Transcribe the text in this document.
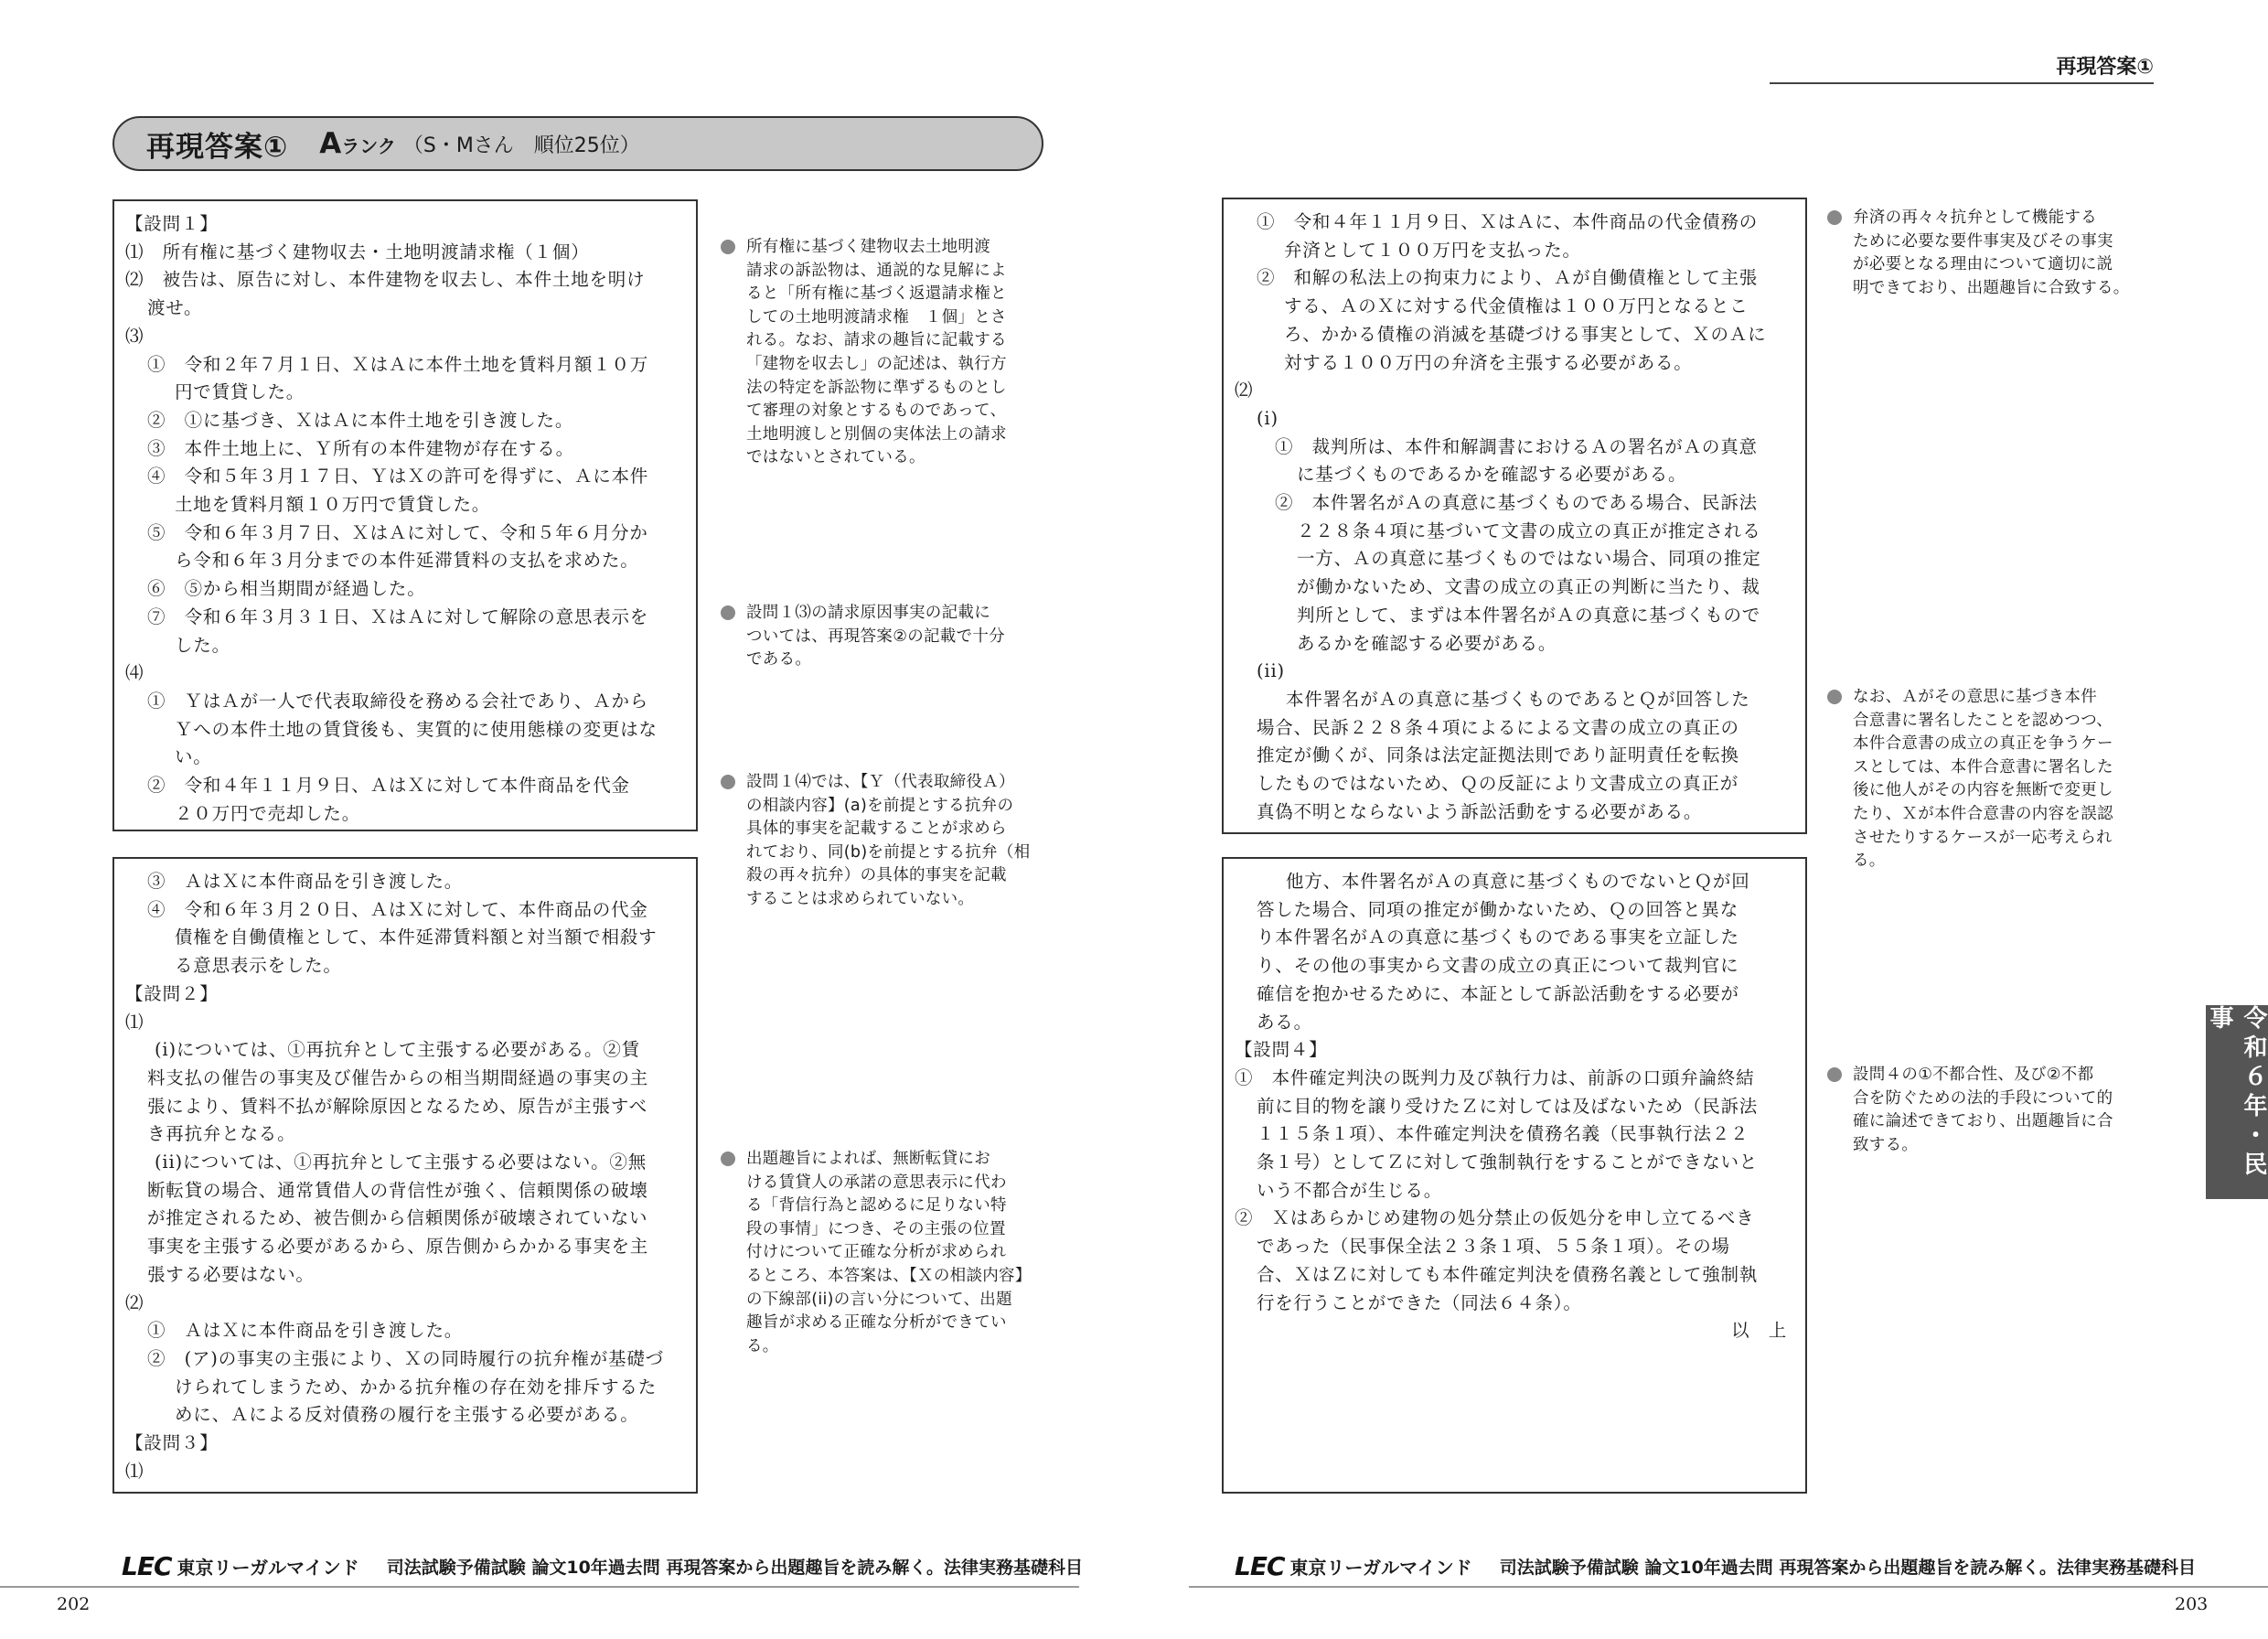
再現答案①
再現答案① Aランク （S・Mさん　順位25位）

【設問１】

⑴　所有権に基づく建物収去・土地明渡請求権（１個）

⑵　被告は、原告に対し、本件建物を収去し、本件土地を明け

渡せ。

⑶

①　令和２年７月１日、ＸはＡに本件土地を賃料月額１０万

円で賃貸した。

②　①に基づき、ＸはＡに本件土地を引き渡した。

③　本件土地上に、Ｙ所有の本件建物が存在する。

④　令和５年３月１７日、ＹはＸの許可を得ずに、Ａに本件

土地を賃料月額１０万円で賃貸した。

⑤　令和６年３月７日、ＸはＡに対して、令和５年６月分か

ら令和６年３月分までの本件延滞賃料の支払を求めた。

⑥　⑤から相当期間が経過した。

⑦　令和６年３月３１日、ＸはＡに対して解除の意思表示を

した。

⑷

①　ＹはＡが一人で代表取締役を務める会社であり、Ａから

Ｙへの本件土地の賃貸後も、実質的に使用態様の変更はな

い。

②　令和４年１１月９日、ＡはＸに対して本件商品を代金

２０万円で売却した。

③　ＡはＸに本件商品を引き渡した。

④　令和６年３月２０日、ＡはＸに対して、本件商品の代金

債権を自働債権として、本件延滞賃料額と対当額で相殺す

る意思表示をした。

【設問２】

⑴

(i)については、①再抗弁として主張する必要がある。②賃

料支払の催告の事実及び催告からの相当期間経過の事実の主

張により、賃料不払が解除原因となるため、原告が主張すべ

き再抗弁となる。

(ii)については、①再抗弁として主張する必要はない。②無

断転貸の場合、通常賃借人の背信性が強く、信頼関係の破壊

が推定されるため、被告側から信頼関係が破壊されていない

事実を主張する必要があるから、原告側からかかる事実を主

張する必要はない。

⑵

①　ＡはＸに本件商品を引き渡した。

②　(ア)の事実の主張により、Ｘの同時履行の抗弁権が基礎づ

けられてしまうため、かかる抗弁権の存在効を排斥するた

めに、Ａによる反対債務の履行を主張する必要がある。

【設問３】

⑴

所有権に基づく建物収去土地明渡

請求の訴訟物は、通説的な見解によ

ると「所有権に基づく返還請求権と

しての土地明渡請求権　１個」とさ

れる。なお、請求の趣旨に記載する

「建物を収去し」の記述は、執行方

法の特定を訴訟物に準ずるものとし

て審理の対象とするものであって、

土地明渡しと別個の実体法上の請求

ではないとされている。

設問１⑶の請求原因事実の記載に

ついては、再現答案②の記載で十分

である。

設問１⑷では、【Ｙ（代表取締役Ａ）

の相談内容】(a)を前提とする抗弁の

具体的事実を記載することが求めら

れており、同(b)を前提とする抗弁（相

殺の再々抗弁）の具体的事実を記載

することは求められていない。

出題趣旨によれば、無断転貸にお

ける賃貸人の承諾の意思表示に代わ

る「背信行為と認めるに足りない特

段の事情」につき、その主張の位置

付けについて正確な分析が求められ

るところ、本答案は、【Ｘの相談内容】

の下線部(ii)の言い分について、出題

趣旨が求める正確な分析ができてい

る。

①　令和４年１１月９日、ＸはＡに、本件商品の代金債務の

弁済として１００万円を支払った。

②　和解の私法上の拘束力により、Ａが自働債権として主張

する、ＡのＸに対する代金債権は１００万円となるとこ

ろ、かかる債権の消滅を基礎づける事実として、ＸのＡに

対する１００万円の弁済を主張する必要がある。

⑵

(i)

①　裁判所は、本件和解調書におけるＡの署名がＡの真意

に基づくものであるかを確認する必要がある。

②　本件署名がＡの真意に基づくものである場合、民訴法

２２８条４項に基づいて文書の成立の真正が推定される

一方、Ａの真意に基づくものではない場合、同項の推定

が働かないため、文書の成立の真正の判断に当たり、裁

判所として、まずは本件署名がＡの真意に基づくもので

あるかを確認する必要がある。

(ii)

本件署名がＡの真意に基づくものであるとＱが回答した

場合、民訴２２８条４項によるによる文書の成立の真正の

推定が働くが、同条は法定証拠法則であり証明責任を転換

したものではないため、Ｑの反証により文書成立の真正が

真偽不明とならないよう訴訟活動をする必要がある。

他方、本件署名がＡの真意に基づくものでないとＱが回

答した場合、同項の推定が働かないため、Ｑの回答と異な

り本件署名がＡの真意に基づくものである事実を立証した

り、その他の事実から文書の成立の真正について裁判官に

確信を抱かせるために、本証として訴訟活動をする必要が

ある。

【設問４】

①　本件確定判決の既判力及び執行力は、前訴の口頭弁論終結

前に目的物を譲り受けたＺに対しては及ばないため（民訴法

１１５条１項）、本件確定判決を債務名義（民事執行法２２

条１号）としてＺに対して強制執行をすることができないと

いう不都合が生じる。

②　Ｘはあらかじめ建物の処分禁止の仮処分を申し立てるべき

であった（民事保全法２３条１項、５５条１項）。その場

合、ＸはＺに対しても本件確定判決を債務名義として強制執

行を行うことができた（同法６４条）。

以　上

弁済の再々々抗弁として機能する

ために必要な要件事実及びその事実

が必要となる理由について適切に説

明できており、出題趣旨に合致する。

なお、Ａがその意思に基づき本件

合意書に署名したことを認めつつ、

本件合意書の成立の真正を争うケー

スとしては、本件合意書に署名した

後に他人がその内容を無断で変更し

たり、Ｘが本件合意書の内容を誤認

させたりするケースが一応考えられ

る。

設問４の①不都合性、及び②不都

合を防ぐための法的手段について的

確に論述できており、出題趣旨に合

致する。	令和６年・民事
LEC 東京リーガルマインド 司法試験予備試験 論文10年過去問 再現答案から出題趣旨を読み解く。法律実務基礎科目	LEC 東京リーガルマインド 司法試験予備試験 論文10年過去問 再現答案から出題趣旨を読み解く。法律実務基礎科目
202	203
